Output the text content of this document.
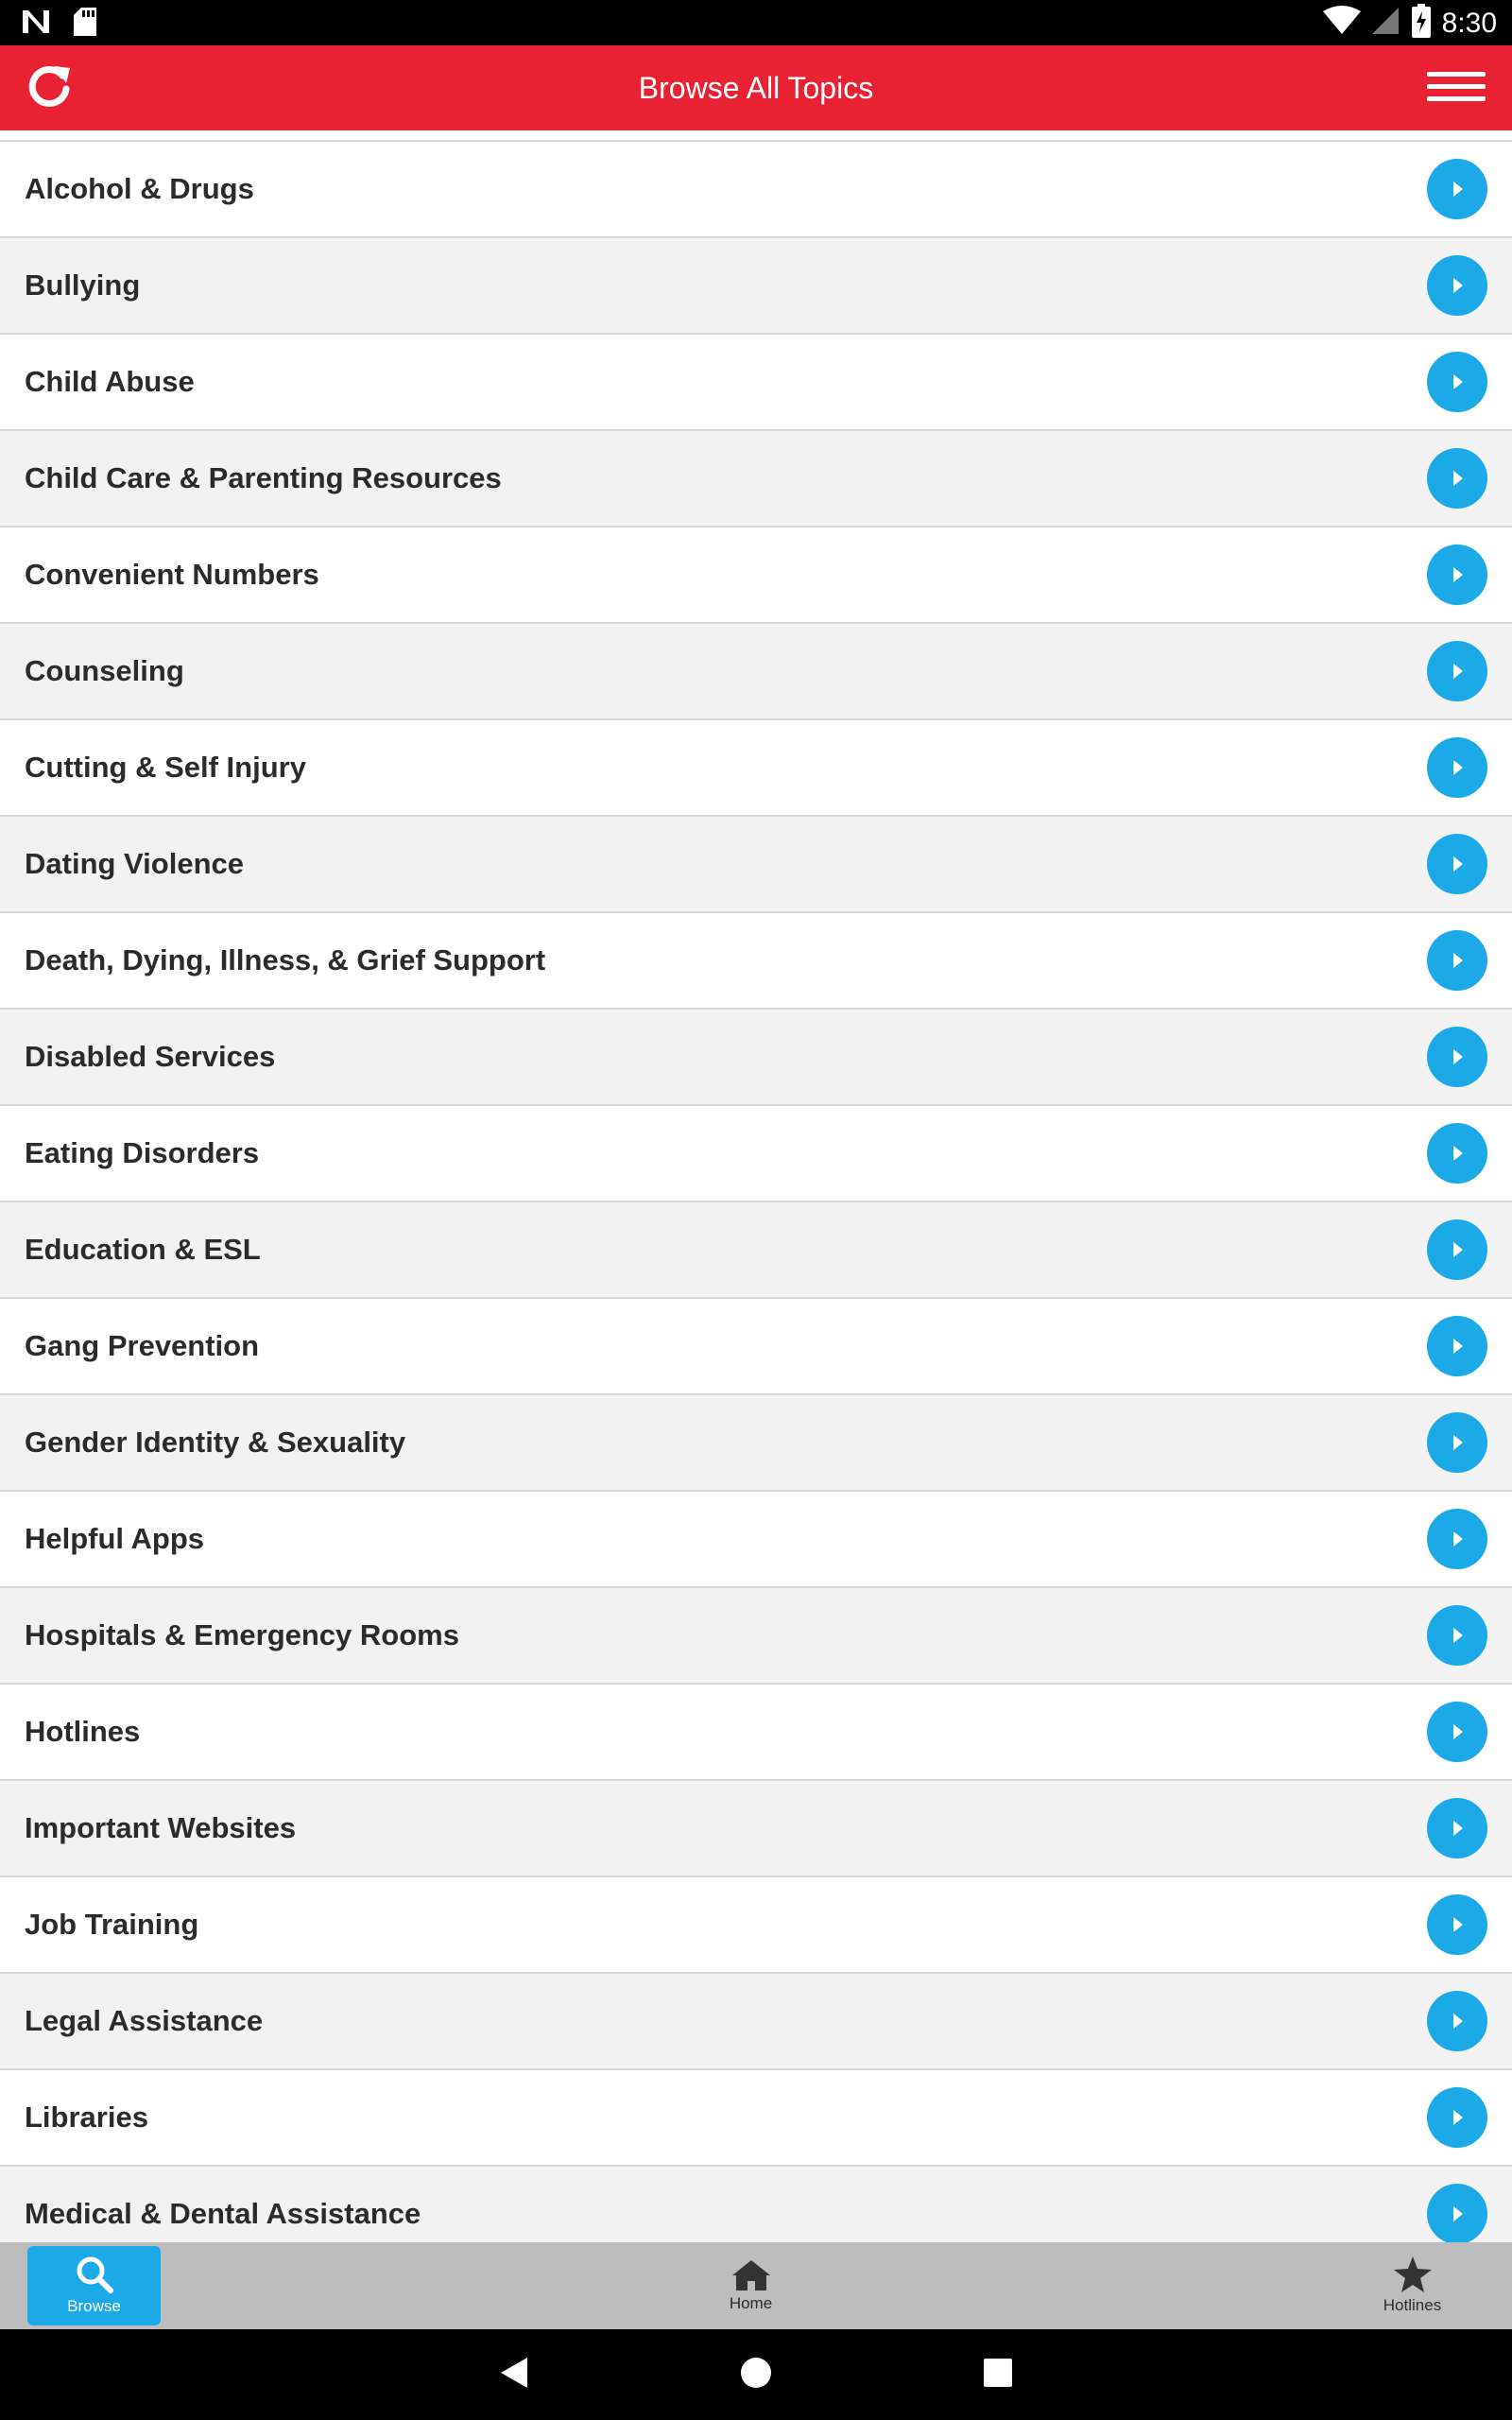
8:30
Browse All Topics
Alcohol & Drugs
Bullying
Child Abuse
Child Care & Parenting Resources
Convenient Numbers
Counseling
Cutting & Self Injury
Dating Violence
Death, Dying, Illness, & Grief Support
Disabled Services
Eating Disorders
Education & ESL
Gang Prevention
Gender Identity & Sexuality
Helpful Apps
Hospitals & Emergency Rooms
Hotlines
Important Websites
Job Training
Legal Assistance
Libraries
Medical & Dental Assistance
Browse	Home	Hotlines
